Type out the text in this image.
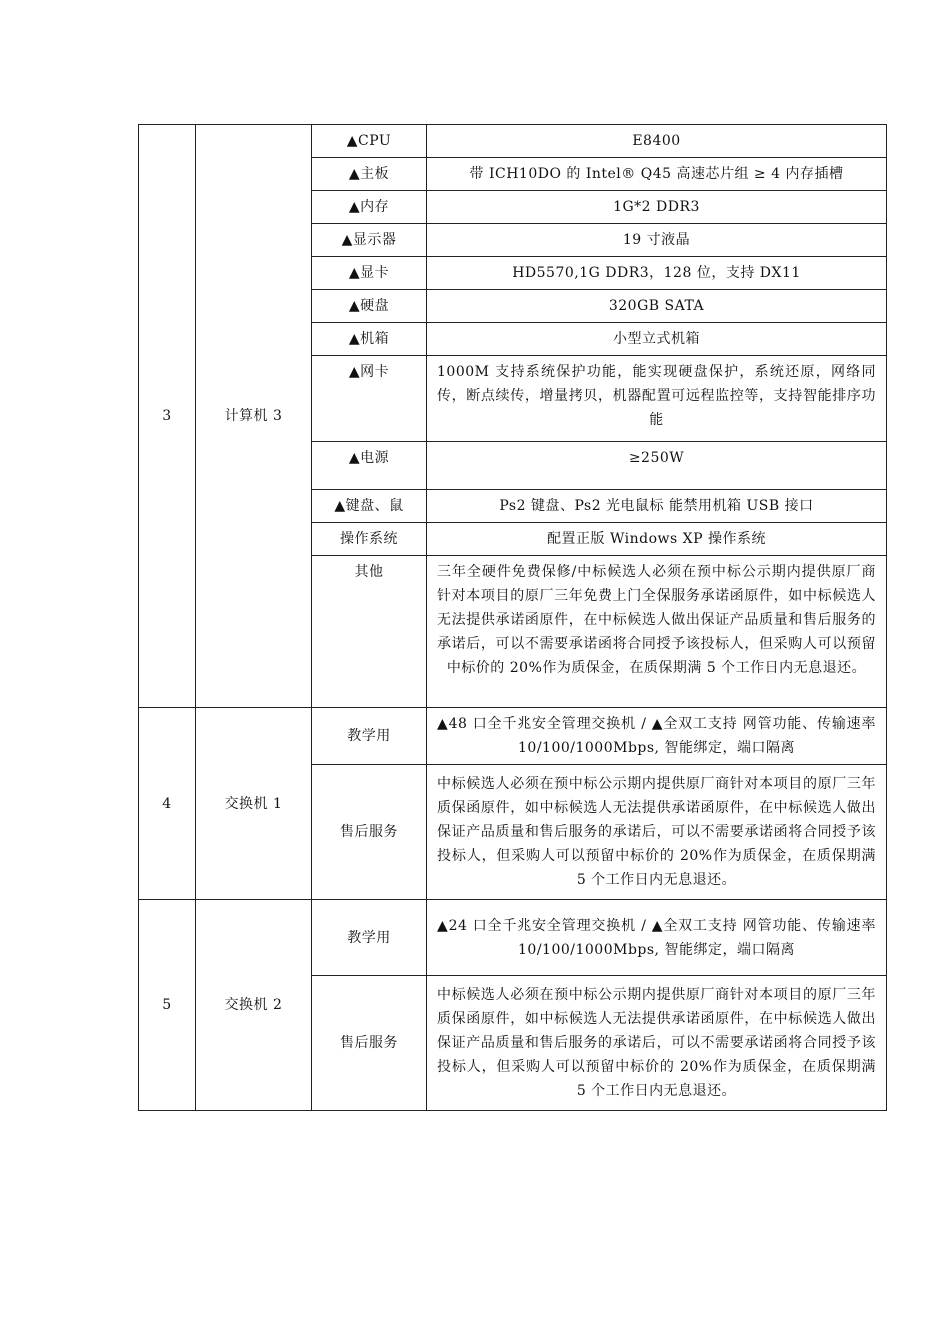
3	计算机 3	▲CPU	E8400
		▲主板	带 ICH10DO 的 Intel® Q45 高速芯片组 ≥ 4 内存插槽
		▲内存	1G*2 DDR3
		▲显示器	19 寸液晶
		▲显卡	HD5570,1G DDR3，128 位，支持 DX11
		▲硬盘	320GB SATA
		▲机箱	小型立式机箱
		▲网卡	1000M 支持系统保护功能，能实现硬盘保护，系统还原，网络同传，断点续传，增量拷贝，机器配置可远程监控等，支持智能排序功能
		▲电源	≥250W
		▲键盘、鼠	Ps2 键盘、Ps2 光电鼠标 能禁用机箱 USB 接口
		操作系统	配置正版 Windows XP 操作系统
		其他	三年全硬件免费保修/中标候选人必须在预中标公示期内提供原厂商针对本项目的原厂三年免费上门全保服务承诺函原件，如中标候选人无法提供承诺函原件，在中标候选人做出保证产品质量和售后服务的承诺后，可以不需要承诺函将合同授予该投标人，但采购人可以预留中标价的 20%作为质保金，在质保期满 5 个工作日内无息退还。
4	交换机 1	教学用	▲48 口全千兆安全管理交换机 / ▲全双工支持 网管功能、传输速率 10/100/1000Mbps, 智能绑定，端口隔离
		售后服务	中标候选人必须在预中标公示期内提供原厂商针对本项目的原厂三年质保函原件，如中标候选人无法提供承诺函原件，在中标候选人做出保证产品质量和售后服务的承诺后，可以不需要承诺函将合同授予该投标人，但采购人可以预留中标价的 20%作为质保金，在质保期满 5 个工作日内无息退还。
5	交换机 2	教学用	▲24 口全千兆安全管理交换机 / ▲全双工支持 网管功能、传输速率 10/100/1000Mbps, 智能绑定，端口隔离
		售后服务	中标候选人必须在预中标公示期内提供原厂商针对本项目的原厂三年质保函原件，如中标候选人无法提供承诺函原件，在中标候选人做出保证产品质量和售后服务的承诺后，可以不需要承诺函将合同授予该投标人，但采购人可以预留中标价的 20%作为质保金，在质保期满 5 个工作日内无息退还。
